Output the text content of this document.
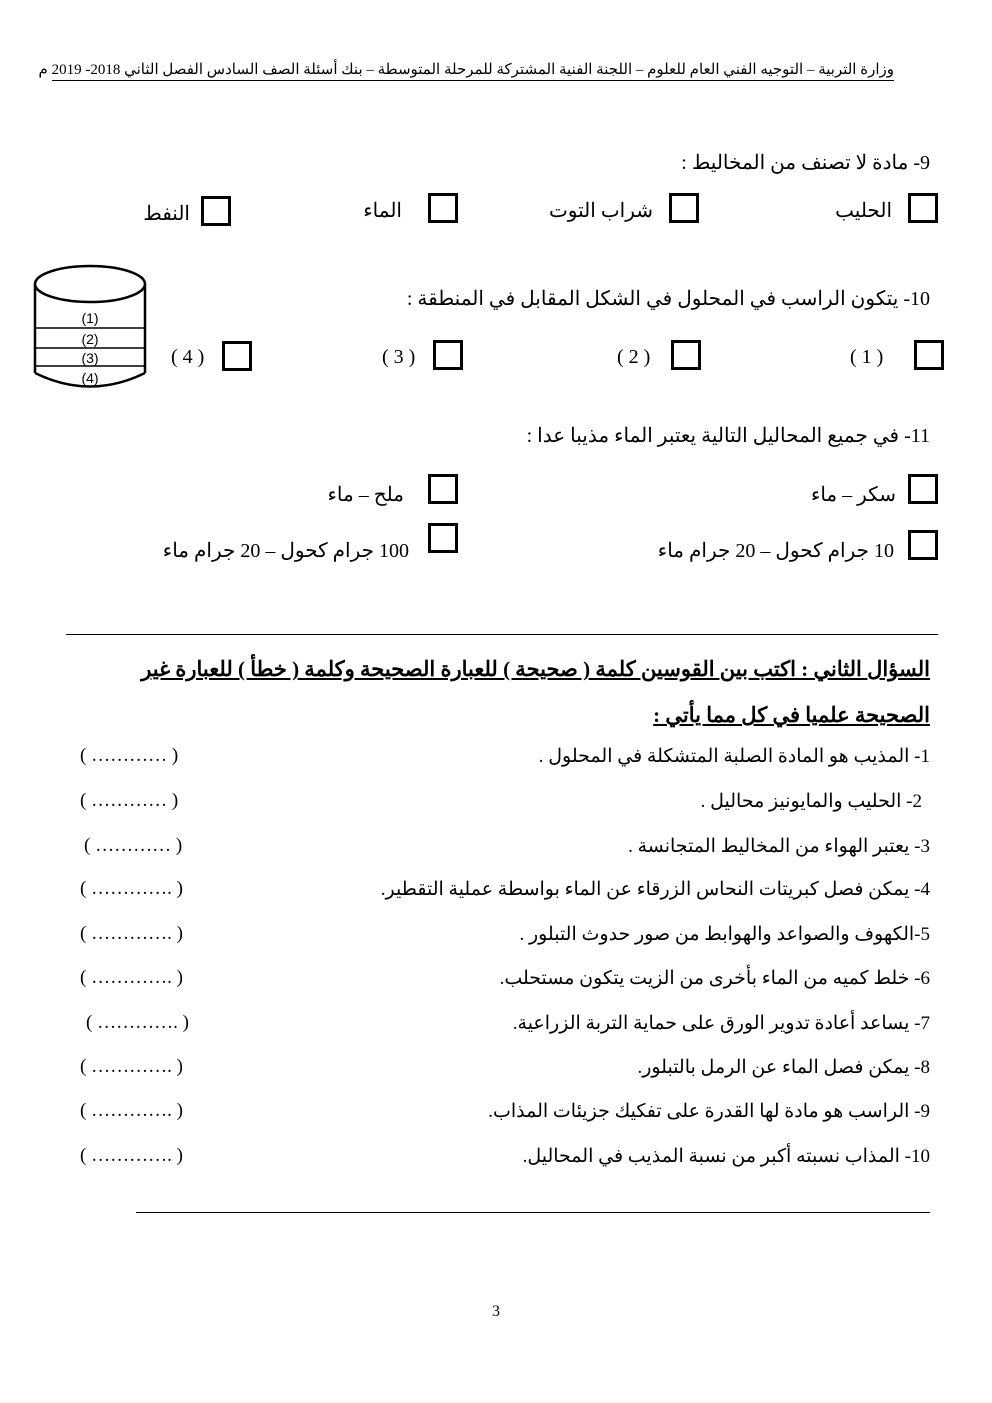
وزارة التربية – التوجيه الفني العام للعلوم – اللجنة الفنية المشتركة للمرحلة المتوسطة – بنك أسئلة الصف السادس الفصل الثاني 2018- 2019 م
9- مادة لا تصنف من المخاليط :
الحليب
شراب التوت
الماء
النفط
10- يتكون الراسب في المحلول في الشكل المقابل في المنطقة :
(1)
(2)
(3)
(4)
( 1 )
( 2 )
( 3 )
( 4 )
11- في جميع المحاليل التالية يعتبر الماء مذيبا عدا :
سكر – ماء
ملح – ماء
10 جرام كحول – 20 جرام ماء
100 جرام كحول – 20 جرام ماء
السؤال الثاني : اكتب بين القوسين كلمة ( صحيحة ) للعبارة الصحيحة وكلمة ( خطأ ) للعبارة غير
الصحيحة علميا في كل مما يأتي :
1- المذيب هو المادة الصلبة المتشكلة في المحلول .
( ………… )
2- الحليب والمايونيز محاليل .
( ………… )
3- يعتبر الهواء من المخاليط المتجانسة .
( ………… )
4- يمكن فصل كبريتات النحاس الزرقاء عن الماء بواسطة عملية التقطير.
( …………. )
5-الكهوف والصواعد والهوابط من صور حدوث التبلور .
( …………. )
6- خلط كميه من الماء بأخرى من الزيت يتكون مستحلب.
( …………. )
7- يساعد أعادة تدوير الورق على حماية التربة الزراعية.
( …………. )
8- يمكن فصل الماء عن الرمل بالتبلور.
( …………. )
9- الراسب هو مادة لها القدرة على تفكيك جزيئات المذاب.
( …………. )
10- المذاب نسبته أكبر من نسبة المذيب في المحاليل.
( …………. )
3
